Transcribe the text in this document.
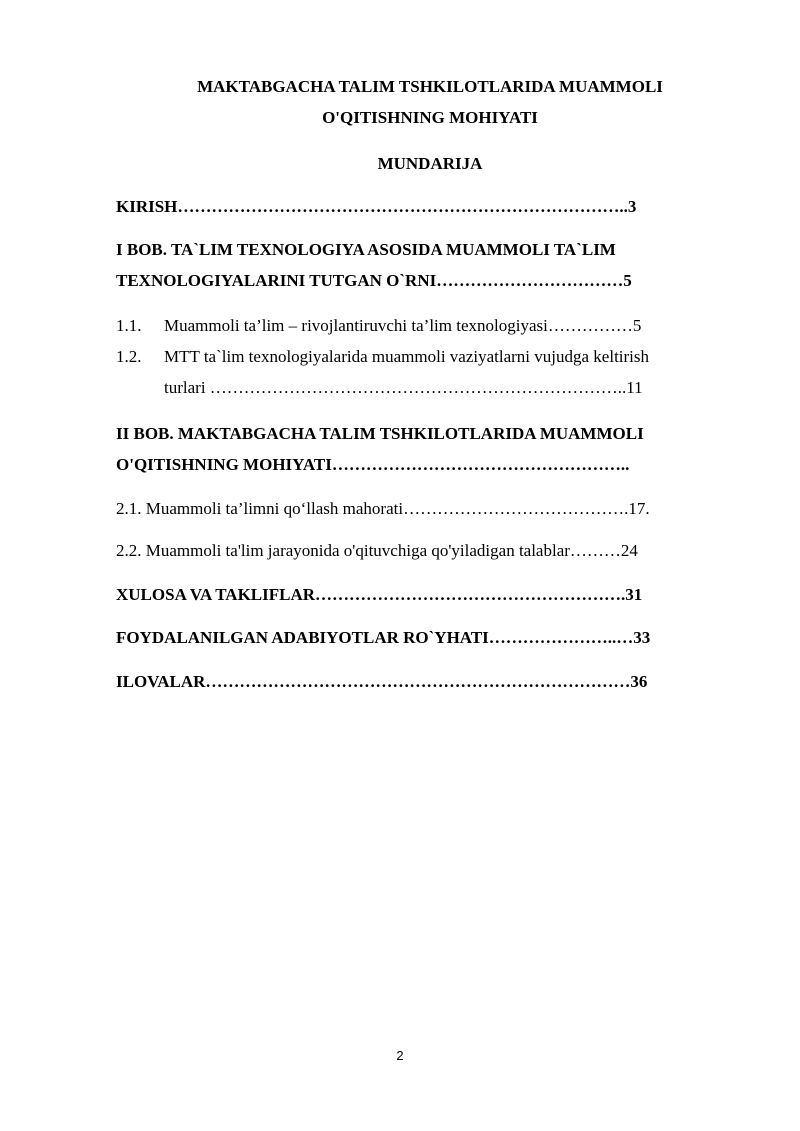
MAKTABGACHA TALIM TSHKILOTLARIDA MUAMMOLI
O'QITISHNING MOHIYATI
MUNDARIJA
KIRISH……………………………………………………………………..3
I BOB. TA`LIM TEXNOLOGIYA ASOSIDA MUAMMOLI TA`LIM
TEXNOLOGIYALARINI TUTGAN O`RNI……………………………5
1.1. Muammoli ta’lim – rivojlantiruvchi ta’lim texnologiyasi……………5
1.2. MTT ta`lim texnologiyalarida muammoli vaziyatlarni vujudga keltirish
turlari ………………………………………………………………..11
II BOB. MAKTABGACHA TALIM TSHKILOTLARIDA MUAMMOLI
O'QITISHNING MOHIYATI……………………………………………..
2.1. Muammoli ta’limni qo‘llash mahorati………………………………….17.
2.2. Muammoli ta'lim jarayonida o'qituvchiga qo'yiladigan talablar………24
XULOSA VA TAKLIFLAR……………………………………………….31
FOYDALANILGAN ADABIYOTLAR RO`YHATI…………………..…33
ILOVALAR…………………………………………………………………36
2
